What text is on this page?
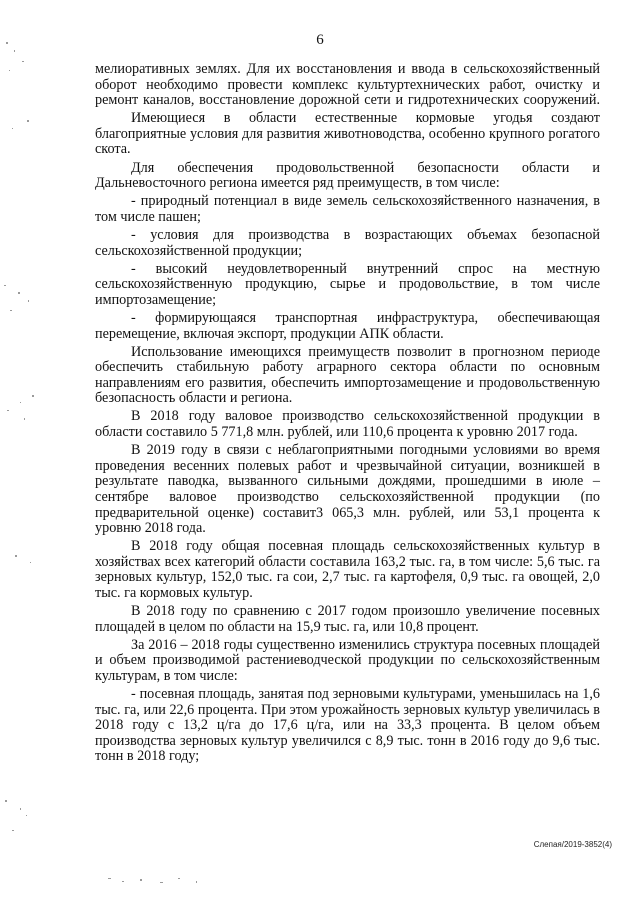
6

мелиоративных землях. Для их восстановления и ввода в сельскохозяйственный оборот необходимо провести комплекс культуртехнических работ, очистку и ремонт каналов, восстановление дорожной сети и гидротехнических сооружений.

Имеющиеся в области естественные кормовые угодья создают благоприятные условия для развития животноводства, особенно крупного рогатого скота.

Для обеспечения продовольственной безопасности области и Дальневосточного региона имеется ряд преимуществ, в том числе:

- природный потенциал в виде земель сельскохозяйственного назначения, в том числе пашен;

- условия для производства в возрастающих объемах безопасной сельскохозяйственной продукции;

- высокий неудовлетворенный внутренний спрос на местную сельскохозяйственную продукцию, сырье и продовольствие, в том числе импортозамещение;

- формирующаяся транспортная инфраструктура, обеспечивающая перемещение, включая экспорт, продукции АПК области.

Использование имеющихся преимуществ позволит в прогнозном периоде обеспечить стабильную работу аграрного сектора области по основным направлениям его развития, обеспечить импортозамещение и продовольственную безопасность области и региона.

В 2018 году валовое производство сельскохозяйственной продукции в области составило 5 771,8 млн. рублей, или 110,6 процента к уровню 2017 года.

В 2019 году в связи с неблагоприятными погодными условиями во время проведения весенних полевых работ и чрезвычайной ситуации, возникшей в результате паводка, вызванного сильными дождями, прошедшими в июле – сентябре валовое производство сельскохозяйственной продукции (по предварительной оценке) составит3 065,3 млн. рублей, или 53,1 процента к уровню 2018 года.

В 2018 году общая посевная площадь сельскохозяйственных культур в хозяйствах всех категорий области составила 163,2 тыс. га, в том числе: 5,6 тыс. га зерновых культур, 152,0 тыс. га сои, 2,7 тыс. га картофеля, 0,9 тыс. га овощей, 2,0 тыс. га кормовых культур.

В 2018 году по сравнению с 2017 годом произошло увеличение посевных площадей в целом по области на 15,9 тыс. га, или 10,8 процент.

За 2016 – 2018 годы существенно изменились структура посевных площадей и объем производимой растениеводческой продукции по сельскохозяйственным культурам, в том числе:

- посевная площадь, занятая под зерновыми культурами, уменьшилась на 1,6 тыс. га, или 22,6 процента. При этом урожайность зерновых культур увеличилась в 2018 году с 13,2 ц/га до 17,6 ц/га, или на 33,3 процента. В целом объем производства зерновых культур увеличился с 8,9 тыс. тонн в 2016 году до 9,6 тыс. тонн в 2018 году;

Слепая/2019-3852(4)
